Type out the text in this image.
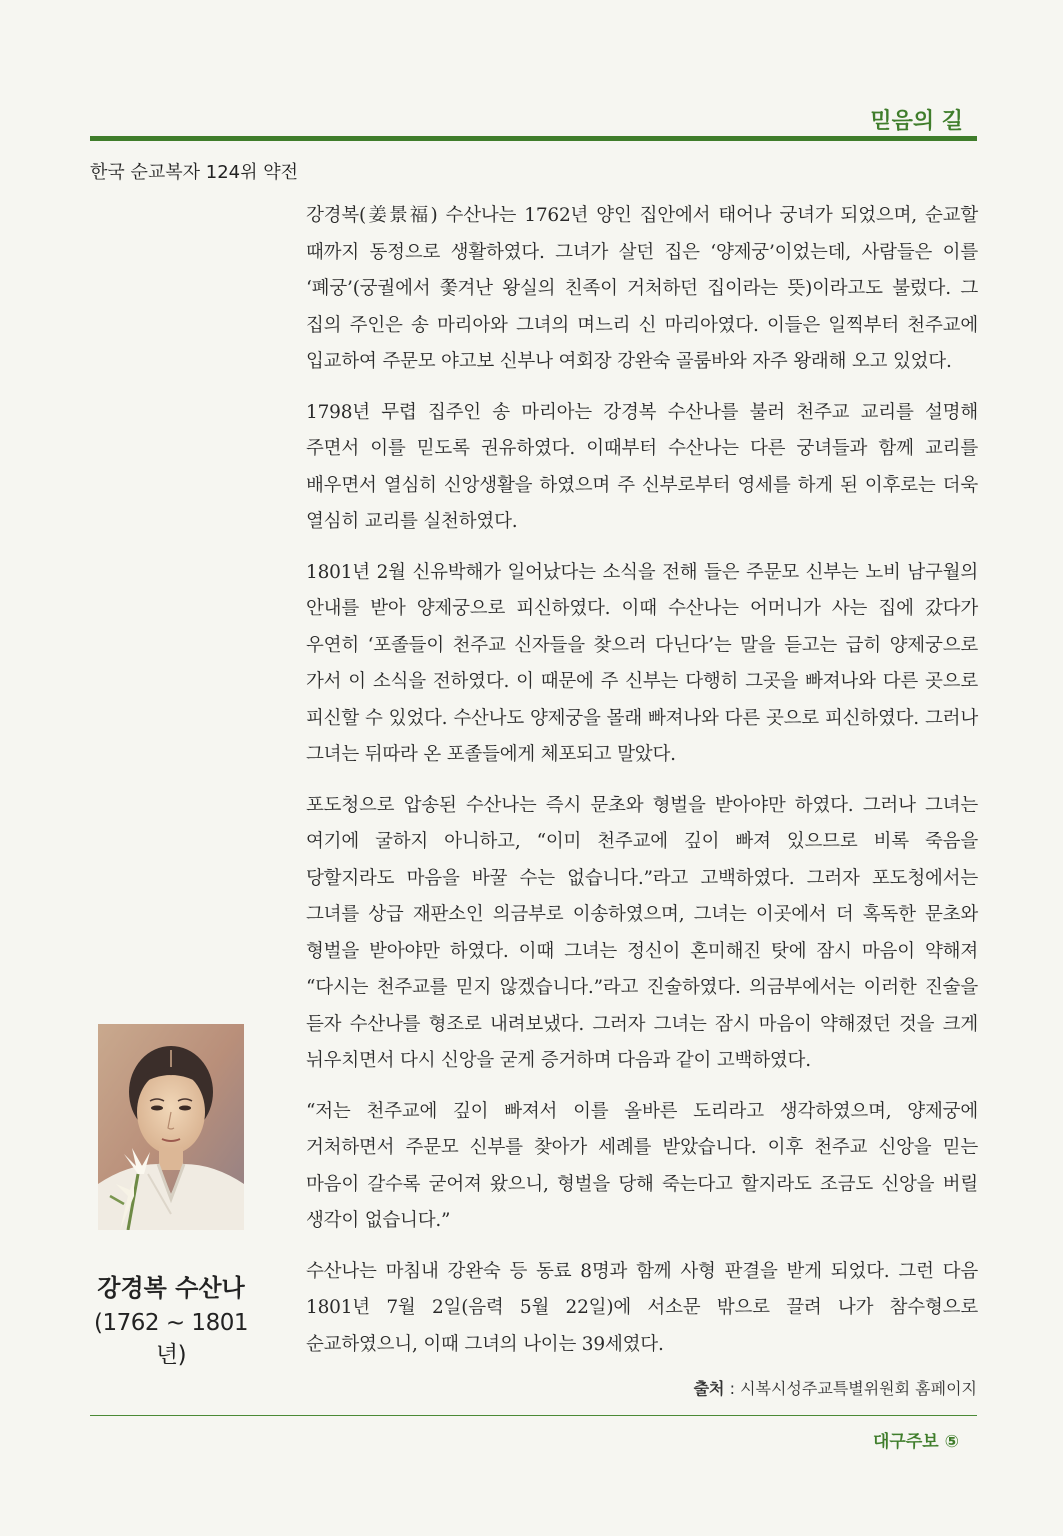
믿음의 길
한국 순교복자 124위 약전

강경복(姜景福) 수산나는 1762년 양인 집안에서 태어나 궁녀가 되었으며, 순교할 때까지 동정으로 생활하였다. 그녀가 살던 집은 ‘양제궁’이었는데, 사람들은 이를 ‘폐궁’(궁궐에서 쫓겨난 왕실의 친족이 거처하던 집이라는 뜻)이라고도 불렀다. 그 집의 주인은 송 마리아와 그녀의 며느리 신 마리아였다. 이들은 일찍부터 천주교에 입교하여 주문모 야고보 신부나 여회장 강완숙 골룸바와 자주 왕래해 오고 있었다.

1798년 무렵 집주인 송 마리아는 강경복 수산나를 불러 천주교 교리를 설명해 주면서 이를 믿도록 권유하였다. 이때부터 수산나는 다른 궁녀들과 함께 교리를 배우면서 열심히 신앙생활을 하였으며 주 신부로부터 영세를 하게 된 이후로는 더욱 열심히 교리를 실천하였다.

1801년 2월 신유박해가 일어났다는 소식을 전해 들은 주문모 신부는 노비 남구월의 안내를 받아 양제궁으로 피신하였다. 이때 수산나는 어머니가 사는 집에 갔다가 우연히 ‘포졸들이 천주교 신자들을 찾으러 다닌다’는 말을 듣고는 급히 양제궁으로 가서 이 소식을 전하였다. 이 때문에 주 신부는 다행히 그곳을 빠져나와 다른 곳으로 피신할 수 있었다. 수산나도 양제궁을 몰래 빠져나와 다른 곳으로 피신하였다. 그러나 그녀는 뒤따라 온 포졸들에게 체포되고 말았다.

포도청으로 압송된 수산나는 즉시 문초와 형벌을 받아야만 하였다. 그러나 그녀는 여기에 굴하지 아니하고, “이미 천주교에 깊이 빠져 있으므로 비록 죽음을 당할지라도 마음을 바꿀 수는 없습니다.”라고 고백하였다. 그러자 포도청에서는 그녀를 상급 재판소인 의금부로 이송하였으며, 그녀는 이곳에서 더 혹독한 문초와 형벌을 받아야만 하였다. 이때 그녀는 정신이 혼미해진 탓에 잠시 마음이 약해져 “다시는 천주교를 믿지 않겠습니다.”라고 진술하였다. 의금부에서는 이러한 진술을 듣자 수산나를 형조로 내려보냈다. 그러자 그녀는 잠시 마음이 약해졌던 것을 크게 뉘우치면서 다시 신앙을 굳게 증거하며 다음과 같이 고백하였다.

“저는 천주교에 깊이 빠져서 이를 올바른 도리라고 생각하였으며, 양제궁에 거처하면서 주문모 신부를 찾아가 세례를 받았습니다. 이후 천주교 신앙을 믿는 마음이 갈수록 굳어져 왔으니, 형벌을 당해 죽는다고 할지라도 조금도 신앙을 버릴 생각이 없습니다.”

수산나는 마침내 강완숙 등 동료 8명과 함께 사형 판결을 받게 되었다. 그런 다음 1801년 7월 2일(음력 5월 22일)에 서소문 밖으로 끌려 나가 참수형으로 순교하였으니, 이때 그녀의 나이는 39세였다.

강경복 수산나
(1762 ~ 1801년)
출처 : 시복시성주교특별위원회 홈페이지
대구주보 ⑤
